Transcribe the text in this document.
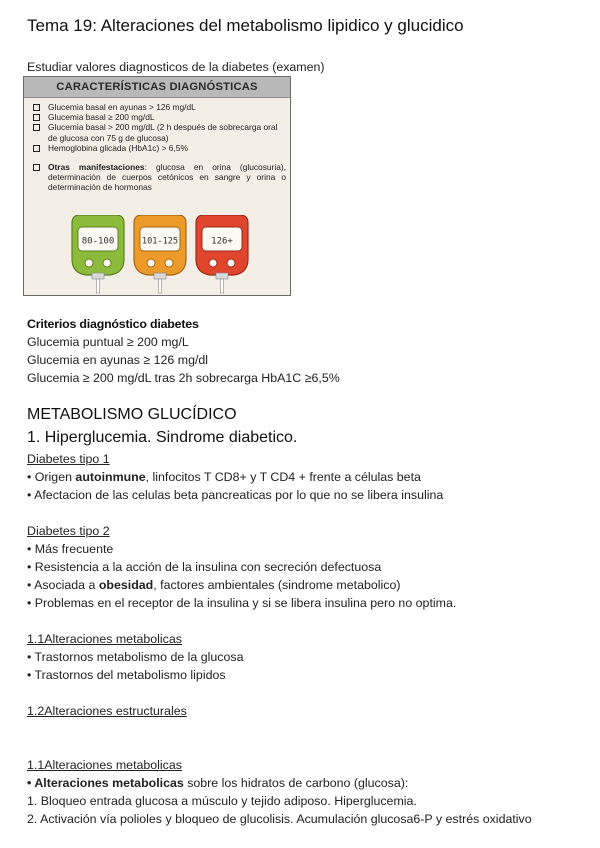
Tema 19: Alteraciones del metabolismo lipidico y glucidico
Estudiar valores diagnosticos de la diabetes (examen)
CARACTERÍSTICAS DIAGNÓSTICAS
Glucemia basal en ayunas > 126 mg/dL
Glucemia basal ≥ 200 mg/dL
Glucemia basal > 200 mg/dL (2 h después de sobrecarga oral de glucosa con 75 g de glucosa)
Hemoglobina glicada (HbA1c) > 6,5%
Otras manifestaciones: glucosa en orina (glucosuria), determinación de cuerpos cetónicos en sangre y orina o determinación de hormonas
80-100	101-125	126+
Criterios diagnóstico diabetes
Glucemia puntual ≥ 200 mg/L
Glucemia en ayunas ≥ 126 mg/dl
Glucemia ≥ 200 mg/dL tras 2h sobrecarga HbA1C ≥6,5%
METABOLISMO GLUCÍDICO
1. Hiperglucemia. Sindrome diabetico.
Diabetes tipo 1
• Origen autoinmune, linfocitos T CD8+ y T CD4 + frente a células beta
• Afectacion de las celulas beta pancreaticas por lo que no se libera insulina
Diabetes tipo 2
• Más frecuente
• Resistencia a la acción de la insulina con secreción defectuosa
• Asociada a obesidad, factores ambientales (sindrome metabolico)
• Problemas en el receptor de la insulina y si se libera insulina pero no optima.
1.1Alteraciones metabolicas
• Trastornos metabolismo de la glucosa
• Trastornos del metabolismo lipidos
1.2Alteraciones estructurales
1.1Alteraciones metabolicas
• Alteraciones metabolicas sobre los hidratos de carbono (glucosa):
1. Bloqueo entrada glucosa a músculo y tejido adiposo. Hiperglucemia.
2. Activación vía polioles y bloqueo de glucolisis. Acumulación glucosa6-P y estrés oxidativo
